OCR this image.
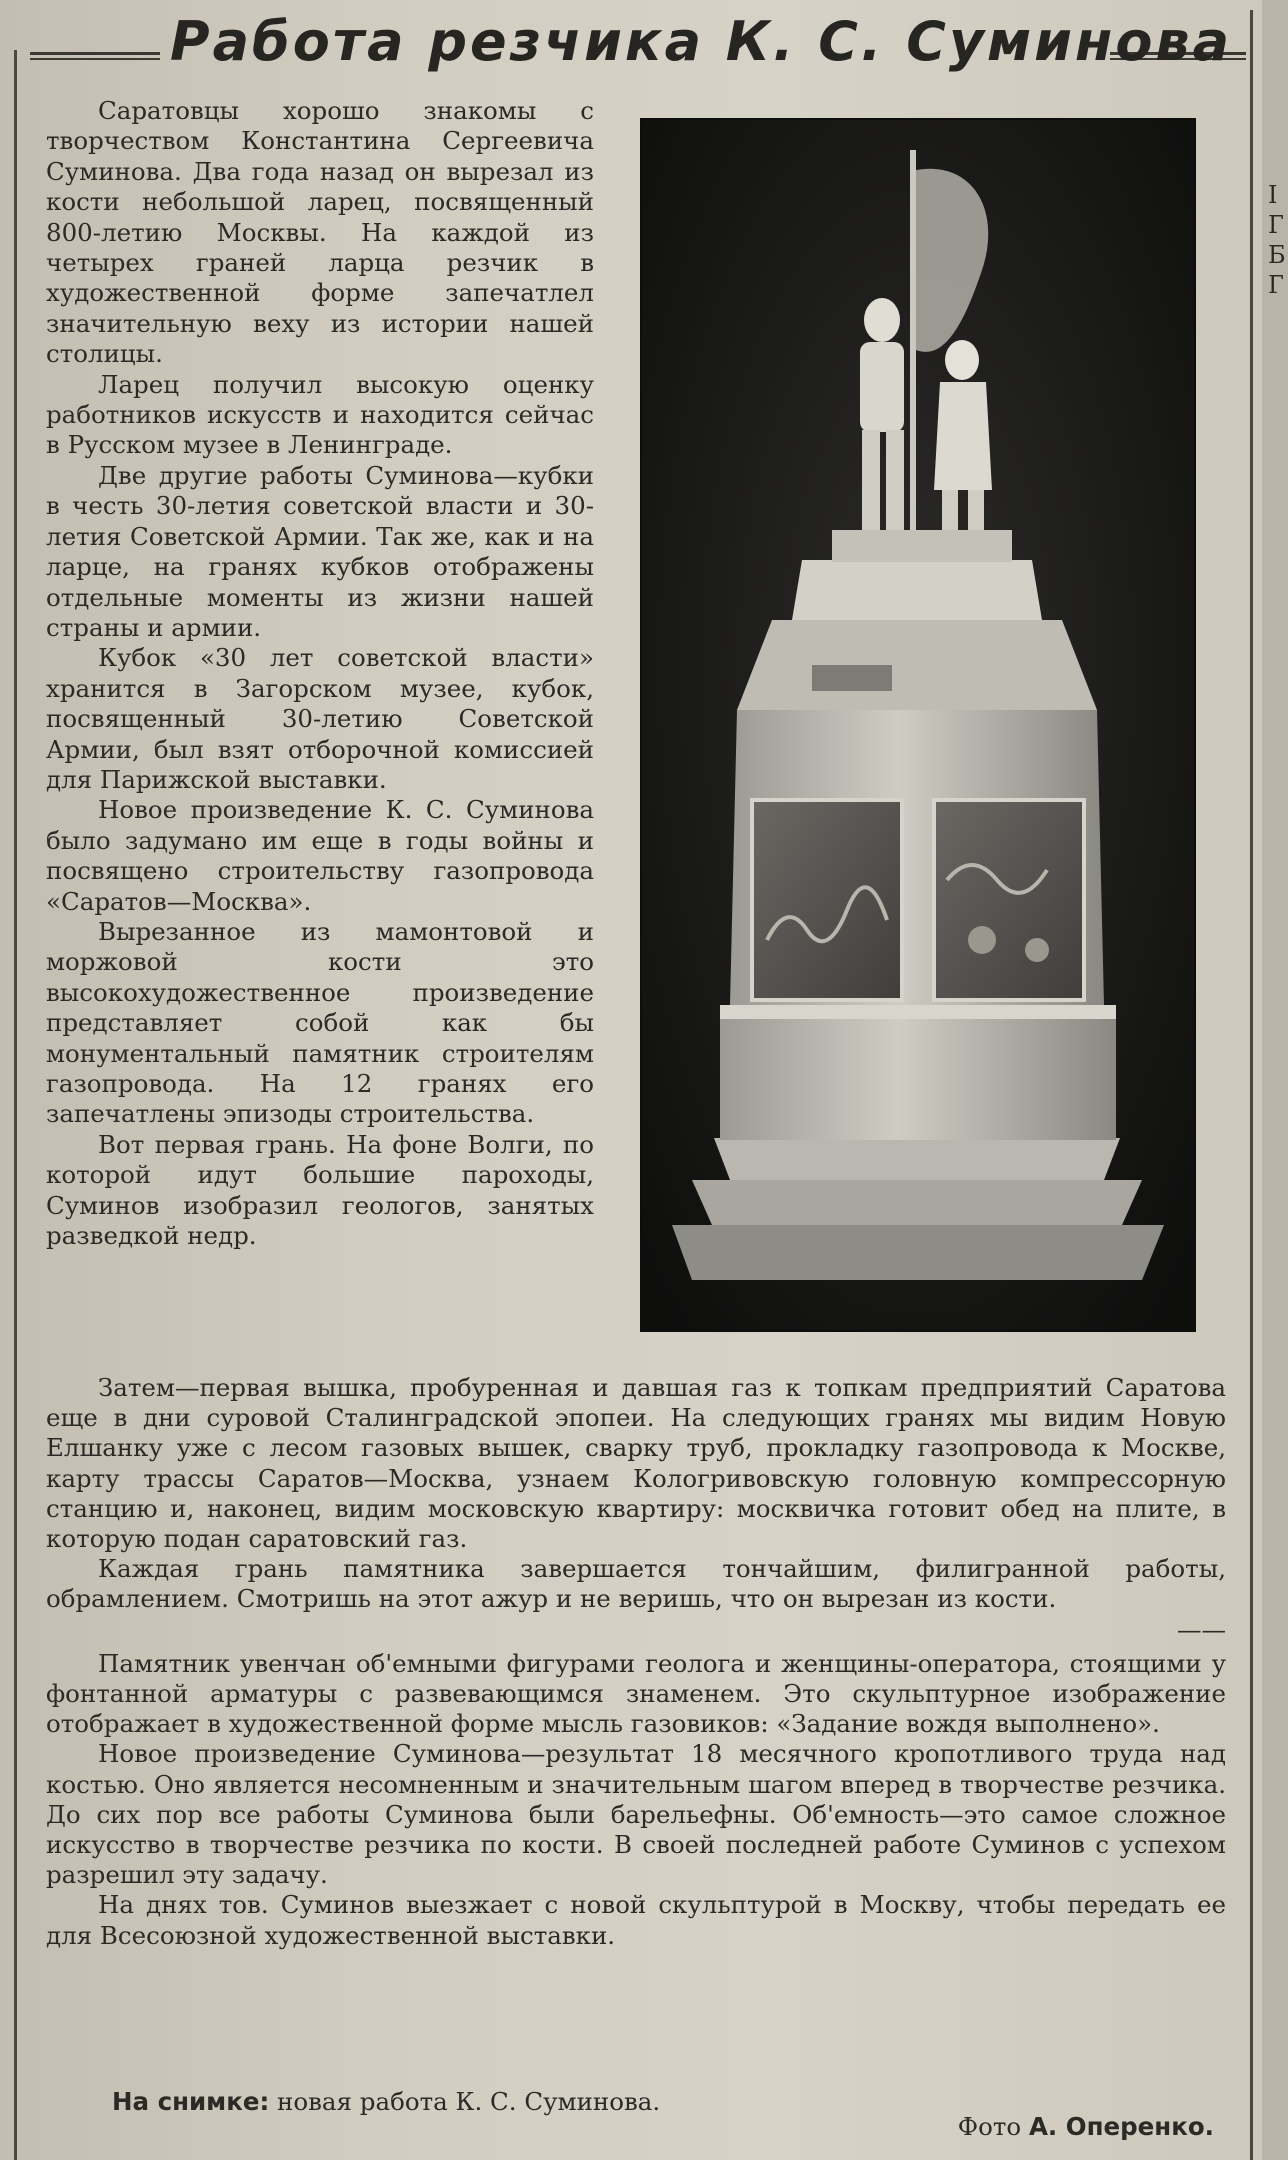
Работа резчика К. С. Суминова

Саратовцы хорошо знакомы с творчеством Константина Сергеевича Суминова. Два года назад он вырезал из кости небольшой ларец, посвященный 800-летию Москвы. На каждой из четырех граней ларца резчик в художественной форме запечатлел значительную веху из истории нашей столицы.

Ларец получил высокую оценку работников искусств и находится сейчас в Русском музее в Ленинграде.

Две другие работы Суминова—кубки в честь 30-летия советской власти и 30-летия Советской Армии. Так же, как и на ларце, на гранях кубков отображены отдельные моменты из жизни нашей страны и армии.

Кубок «30 лет советской власти» хранится в Загорском музее, кубок, посвященный 30-летию Советской Армии, был взят отборочной комиссией для Парижской выставки.

Новое произведение К. С. Суминова было задумано им еще в годы войны и посвящено строительству газопровода «Саратов—Москва».

Вырезанное из мамонтовой и моржовой кости это высокохудожественное произведение представляет собой как бы монументальный памятник строителям газопровода. На 12 гранях его запечатлены эпизоды строительства.

Вот первая грань. На фоне Волги, по которой идут большие пароходы, Суминов изобразил геологов, занятых разведкой недр.

Затем—первая вышка, пробуренная и давшая газ к топкам предприятий Саратова еще в дни суровой Сталинградской эпопеи. На следующих гранях мы видим Новую Елшанку уже с лесом газовых вышек, сварку труб, прокладку газопровода к Москве, карту трассы Саратов—Москва, узнаем Кологривовскую головную компрессорную станцию и, наконец, видим московскую квартиру: москвичка готовит обед на плите, в которую подан саратовский газ.

Каждая грань памятника завершается тончайшим, филигранной работы, обрамлением. Смотришь на этот ажур и не веришь, что он вырезан из кости.

——

Памятник увенчан об'емными фигурами геолога и женщины-оператора, стоящими у фонтанной арматуры с развевающимся знаменем. Это скульптурное изображение отображает в художественной форме мысль газовиков: «Задание вождя выполнено».

Новое произведение Суминова—результат 18 месячного кропотливого труда над костью. Оно является несомненным и значительным шагом вперед в творчестве резчика. До сих пор все работы Суминова были барельефны. Об'емность—это самое сложное искусство в творчестве резчика по кости. В своей последней работе Суминов с успехом разрешил эту задачу.

На днях тов. Суминов выезжает с новой скульптурой в Москву, чтобы передать ее для Всесоюзной художественной выставки.

На снимке: новая работа К. С. Суминова.
Фото А. Оперенко.
І
Г
Б
Г
